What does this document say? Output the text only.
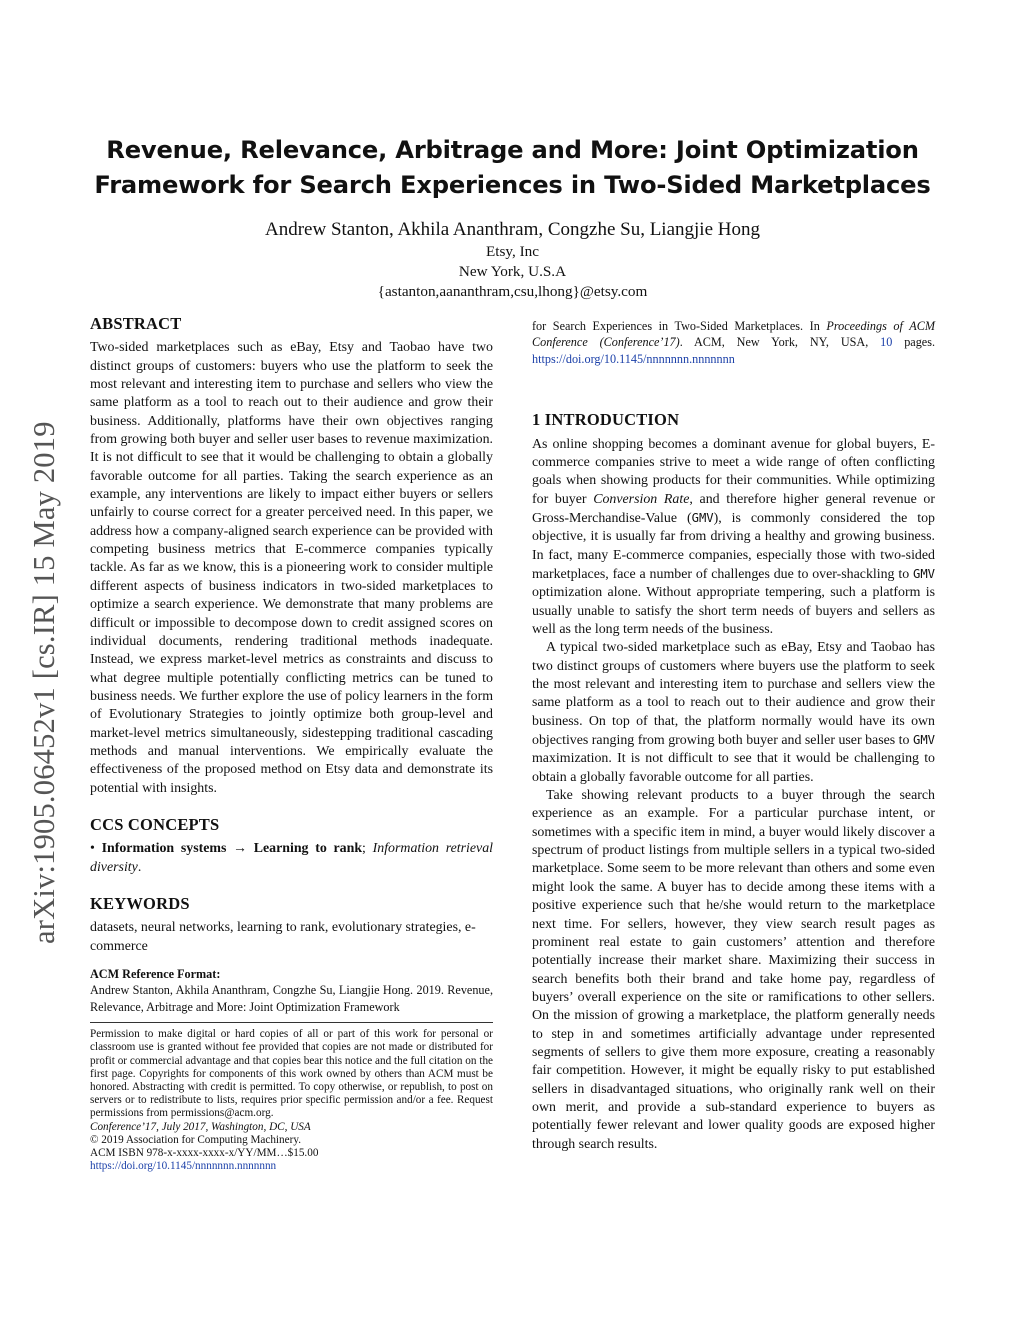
arXiv:1905.06452v1 [cs.IR] 15 May 2019
Revenue, Relevance, Arbitrage and More: Joint Optimization
Framework for Search Experiences in Two-Sided Marketplaces
Andrew Stanton, Akhila Ananthram, Congzhe Su, Liangjie Hong
Etsy, Inc
New York, U.S.A
{astanton,aananthram,csu,lhong}@etsy.com
ABSTRACT

Two-sided marketplaces such as eBay, Etsy and Taobao have two distinct groups of customers: buyers who use the platform to seek the most relevant and interesting item to purchase and sellers who view the same platform as a tool to reach out to their audience and grow their business. Additionally, platforms have their own objectives ranging from growing both buyer and seller user bases to revenue maximization. It is not difficult to see that it would be challenging to obtain a globally favorable outcome for all parties. Taking the search experience as an example, any interventions are likely to impact either buyers or sellers unfairly to course correct for a greater perceived need. In this paper, we address how a company-aligned search experience can be provided with competing business metrics that E-commerce companies typically tackle. As far as we know, this is a pioneering work to consider multiple different aspects of business indicators in two-sided marketplaces to optimize a search experience. We demonstrate that many problems are difficult or impossible to decompose down to credit assigned scores on individual documents, rendering traditional methods inadequate. Instead, we express market-level metrics as constraints and discuss to what degree multiple potentially conflicting metrics can be tuned to business needs. We further explore the use of policy learners in the form of Evolutionary Strategies to jointly optimize both group-level and market-level metrics simultaneously, sidestepping traditional cascading methods and manual interventions. We empirically evaluate the effectiveness of the proposed method on Etsy data and demonstrate its potential with insights.

CCS CONCEPTS

• Information systems → Learning to rank; Information retrieval diversity.

KEYWORDS

datasets, neural networks, learning to rank, evolutionary strategies, e-commerce

ACM Reference Format:

Andrew Stanton, Akhila Ananthram, Congzhe Su, Liangjie Hong. 2019. Revenue, Relevance, Arbitrage and More: Joint Optimization Framework

Permission to make digital or hard copies of all or part of this work for personal or classroom use is granted without fee provided that copies are not made or distributed for profit or commercial advantage and that copies bear this notice and the full citation on the first page. Copyrights for components of this work owned by others than ACM must be honored. Abstracting with credit is permitted. To copy otherwise, or republish, to post on servers or to redistribute to lists, requires prior specific permission and/or a fee. Request permissions from permissions@acm.org.

Conference’17, July 2017, Washington, DC, USA
© 2019 Association for Computing Machinery.
ACM ISBN 978-x-xxxx-xxxx-x/YY/MM…$15.00
https://doi.org/10.1145/nnnnnnn.nnnnnnn

for Search Experiences in Two-Sided Marketplaces. In Proceedings of ACM Conference (Conference’17). ACM, New York, NY, USA, 10 pages. https://doi.org/10.1145/nnnnnnn.nnnnnnn

1 INTRODUCTION

As online shopping becomes a dominant avenue for global buyers, E-commerce companies strive to meet a wide range of often conflicting goals when showing products for their communities. While optimizing for buyer Conversion Rate, and therefore higher general revenue or Gross-Merchandise-Value (GMV), is commonly considered the top objective, it is usually far from driving a healthy and growing business. In fact, many E-commerce companies, especially those with two-sided marketplaces, face a number of challenges due to over-shackling to GMV optimization alone. Without appropriate tempering, such a platform is usually unable to satisfy the short term needs of buyers and sellers as well as the long term needs of the business.

A typical two-sided marketplace such as eBay, Etsy and Taobao has two distinct groups of customers where buyers use the platform to seek the most relevant and interesting item to purchase and sellers view the same platform as a tool to reach out to their audience and grow their business. On top of that, the platform normally would have its own objectives ranging from growing both buyer and seller user bases to GMV maximization. It is not difficult to see that it would be challenging to obtain a globally favorable outcome for all parties.

Take showing relevant products to a buyer through the search experience as an example. For a particular purchase intent, or sometimes with a specific item in mind, a buyer would likely discover a spectrum of product listings from multiple sellers in a typical two-sided marketplace. Some seem to be more relevant than others and some even might look the same. A buyer has to decide among these items with a positive experience such that he/she would return to the marketplace next time. For sellers, however, they view search result pages as prominent real estate to gain customers’ attention and therefore potentially increase their market share. Maximizing their success in search benefits both their brand and take home pay, regardless of buyers’ overall experience on the site or ramifications to other sellers. On the mission of growing a marketplace, the platform generally needs to step in and sometimes artificially advantage under represented segments of sellers to give them more exposure, creating a reasonably fair competition. However, it might be equally risky to put established sellers in disadvantaged situations, who originally rank well on their own merit, and provide a sub-standard experience to buyers as potentially fewer relevant and lower quality goods are exposed higher through search results.
